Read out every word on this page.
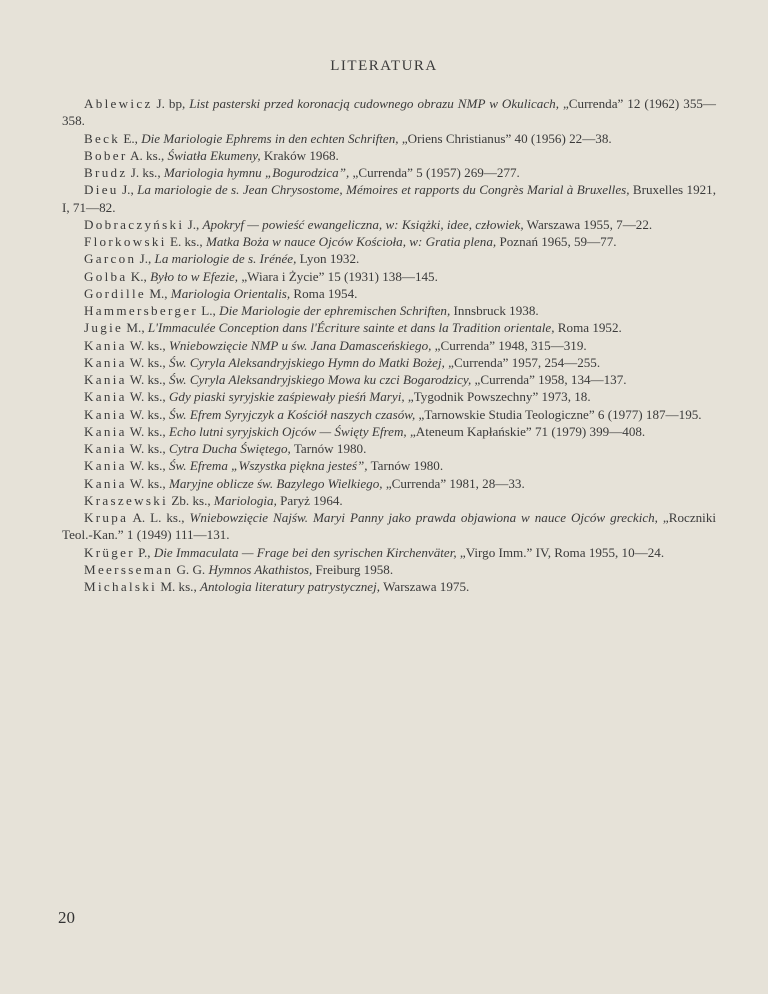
LITERATURA

Ablewicz J. bp, List pasterski przed koronacją cudownego obrazu NMP w Okulicach, „Currenda” 12 (1962) 355—358.

Beck E., Die Mariologie Ephrems in den echten Schriften, „Oriens Christianus” 40 (1956) 22—38.

Bober A. ks., Światła Ekumeny, Kraków 1968.

Brudz J. ks., Mariologia hymnu „Bogurodzica”, „Currenda” 5 (1957) 269—277.

Dieu J., La mariologie de s. Jean Chrysostome, Mémoires et rapports du Congrès Marial à Bruxelles, Bruxelles 1921, I, 71—82.

Dobraczyński J., Apokryf — powieść ewangeliczna, w: Książki, idee, człowiek, Warszawa 1955, 7—22.

Florkowski E. ks., Matka Boża w nauce Ojców Kościoła, w: Gratia plena, Poznań 1965, 59—77.

Garcon J., La mariologie de s. Irénée, Lyon 1932.

Golba K., Było to w Efezie, „Wiara i Życie” 15 (1931) 138—145.

Gordille M., Mariologia Orientalis, Roma 1954.

Hammersberger L., Die Mariologie der ephremischen Schriften, Innsbruck 1938.

Jugie M., L'Immaculée Conception dans l'Écriture sainte et dans la Tradition orientale, Roma 1952.

Kania W. ks., Wniebowzięcie NMP u św. Jana Damasceńskiego, „Currenda” 1948, 315—319.

Kania W. ks., Św. Cyryla Aleksandryjskiego Hymn do Matki Bożej, „Currenda” 1957, 254—255.

Kania W. ks., Św. Cyryla Aleksandryjskiego Mowa ku czci Bogarodzicy, „Currenda” 1958, 134—137.

Kania W. ks., Gdy piaski syryjskie zaśpiewały pieśń Maryi, „Tygodnik Powszechny” 1973, 18.

Kania W. ks., Św. Efrem Syryjczyk a Kościół naszych czasów, „Tarnowskie Studia Teologiczne” 6 (1977) 187—195.

Kania W. ks., Echo lutni syryjskich Ojców — Święty Efrem, „Ateneum Kapłańskie” 71 (1979) 399—408.

Kania W. ks., Cytra Ducha Świętego, Tarnów 1980.

Kania W. ks., Św. Efrema „Wszystka piękna jesteś”, Tarnów 1980.

Kania W. ks., Maryjne oblicze św. Bazylego Wielkiego, „Currenda” 1981, 28—33.

Kraszewski Zb. ks., Mariologia, Paryż 1964.

Krupa A. L. ks., Wniebowzięcie Najśw. Maryi Panny jako prawda objawiona w nauce Ojców greckich, „Roczniki Teol.-Kan.” 1 (1949) 111—131.

Krüger P., Die Immaculata — Frage bei den syrischen Kirchenväter, „Virgo Imm.” IV, Roma 1955, 10—24.

Meersseman G. G. Hymnos Akathistos, Freiburg 1958.

Michalski M. ks., Antologia literatury patrystycznej, Warszawa 1975.

20
